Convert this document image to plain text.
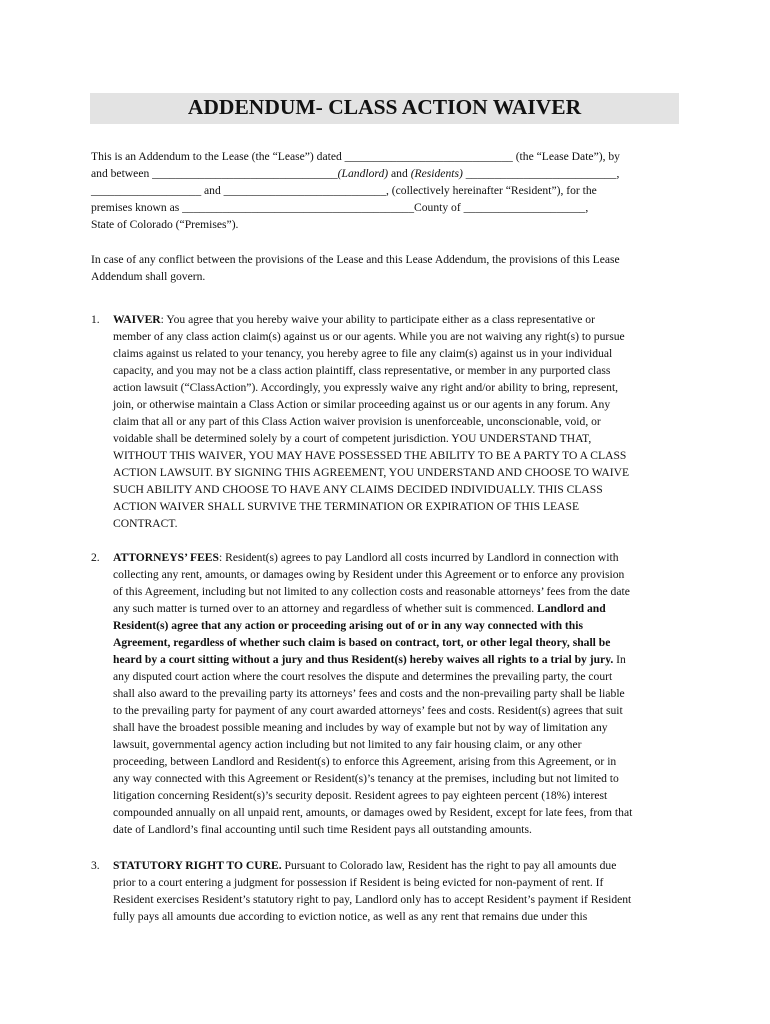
ADDENDUM- CLASS ACTION WAIVER
This is an Addendum to the Lease (the “Lease”) dated _____________________________ (the “Lease Date”), by
and between ________________________________(Landlord) and (Residents) __________________________,
___________________ and ____________________________, (collectively hereinafter “Resident”), for the
premises known as ________________________________________County of _____________________,
State of Colorado (“Premises”).
In case of any conflict between the provisions of the Lease and this Lease Addendum, the provisions of this Lease
Addendum shall govern.
1. WAIVER: You agree that you hereby waive your ability to participate either as a class representative or
member of any class action claim(s) against us or our agents. While you are not waiving any right(s) to pursue
claims against us related to your tenancy, you hereby agree to file any claim(s) against us in your individual
capacity, and you may not be a class action plaintiff, class representative, or member in any purported class
action lawsuit (“ClassAction”). Accordingly, you expressly waive any right and/or ability to bring, represent,
join, or otherwise maintain a Class Action or similar proceeding against us or our agents in any forum. Any
claim that all or any part of this Class Action waiver provision is unenforceable, unconscionable, void, or
voidable shall be determined solely by a court of competent jurisdiction. YOU UNDERSTAND THAT,
WITHOUT THIS WAIVER, YOU MAY HAVE POSSESSED THE ABILITY TO BE A PARTY TO A CLASS
ACTION LAWSUIT. BY SIGNING THIS AGREEMENT, YOU UNDERSTAND AND CHOOSE TO WAIVE
SUCH ABILITY AND CHOOSE TO HAVE ANY CLAIMS DECIDED INDIVIDUALLY. THIS CLASS
ACTION WAIVER SHALL SURVIVE THE TERMINATION OR EXPIRATION OF THIS LEASE
CONTRACT.
2. ATTORNEYS’ FEES: Resident(s) agrees to pay Landlord all costs incurred by Landlord in connection with
collecting any rent, amounts, or damages owing by Resident under this Agreement or to enforce any provision
of this Agreement, including but not limited to any collection costs and reasonable attorneys’ fees from the date
any such matter is turned over to an attorney and regardless of whether suit is commenced. Landlord and
Resident(s) agree that any action or proceeding arising out of or in any way connected with this
Agreement, regardless of whether such claim is based on contract, tort, or other legal theory, shall be
heard by a court sitting without a jury and thus Resident(s) hereby waives all rights to a trial by jury. In
any disputed court action where the court resolves the dispute and determines the prevailing party, the court
shall also award to the prevailing party its attorneys’ fees and costs and the non-prevailing party shall be liable
to the prevailing party for payment of any court awarded attorneys’ fees and costs. Resident(s) agrees that suit
shall have the broadest possible meaning and includes by way of example but not by way of limitation any
lawsuit, governmental agency action including but not limited to any fair housing claim, or any other
proceeding, between Landlord and Resident(s) to enforce this Agreement, arising from this Agreement, or in
any way connected with this Agreement or Resident(s)’s tenancy at the premises, including but not limited to
litigation concerning Resident(s)’s security deposit. Resident agrees to pay eighteen percent (18%) interest
compounded annually on all unpaid rent, amounts, or damages owed by Resident, except for late fees, from that
date of Landlord’s final accounting until such time Resident pays all outstanding amounts.
3. STATUTORY RIGHT TO CURE. Pursuant to Colorado law, Resident has the right to pay all amounts due
prior to a court entering a judgment for possession if Resident is being evicted for non-payment of rent. If
Resident exercises Resident’s statutory right to pay, Landlord only has to accept Resident’s payment if Resident
fully pays all amounts due according to eviction notice, as well as any rent that remains due under this
